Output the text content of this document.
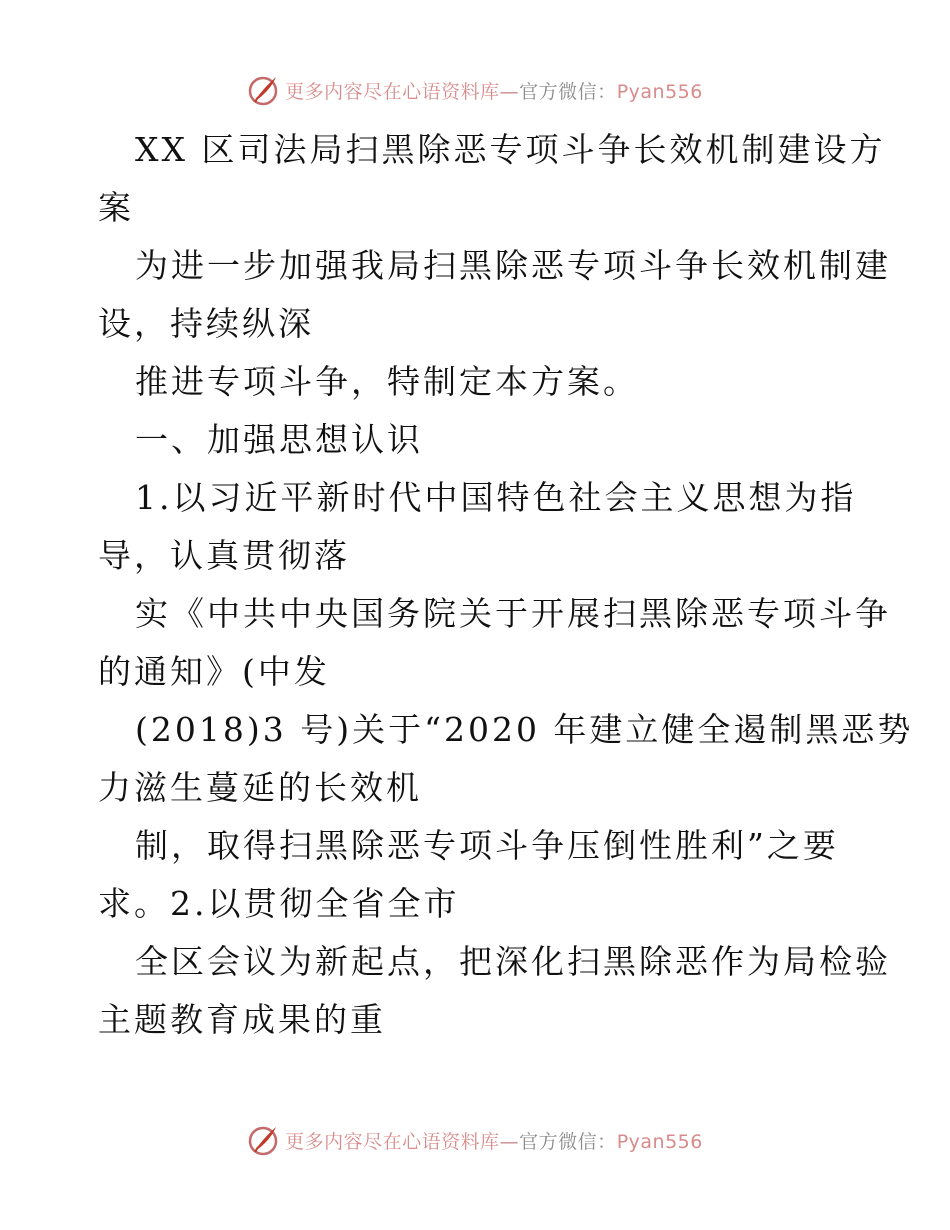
更多内容尽在心语资料库—官方微信：Pyan556
XX 区司法局扫黑除恶专项斗争长效机制建设方
案
为进一步加强我局扫黑除恶专项斗争长效机制建
设，持续纵深
推进专项斗争，特制定本方案。
一、加强思想认识
1.以习近平新时代中国特色社会主义思想为指
导，认真贯彻落
实《中共中央国务院关于开展扫黑除恶专项斗争
的通知》(中发
(2018)3 号)关于“2020 年建立健全遏制黑恶势
力滋生蔓延的长效机
制，取得扫黑除恶专项斗争压倒性胜利”之要
求。2.以贯彻全省全市
全区会议为新起点，把深化扫黑除恶作为局检验
主题教育成果的重
更多内容尽在心语资料库—官方微信：Pyan556
